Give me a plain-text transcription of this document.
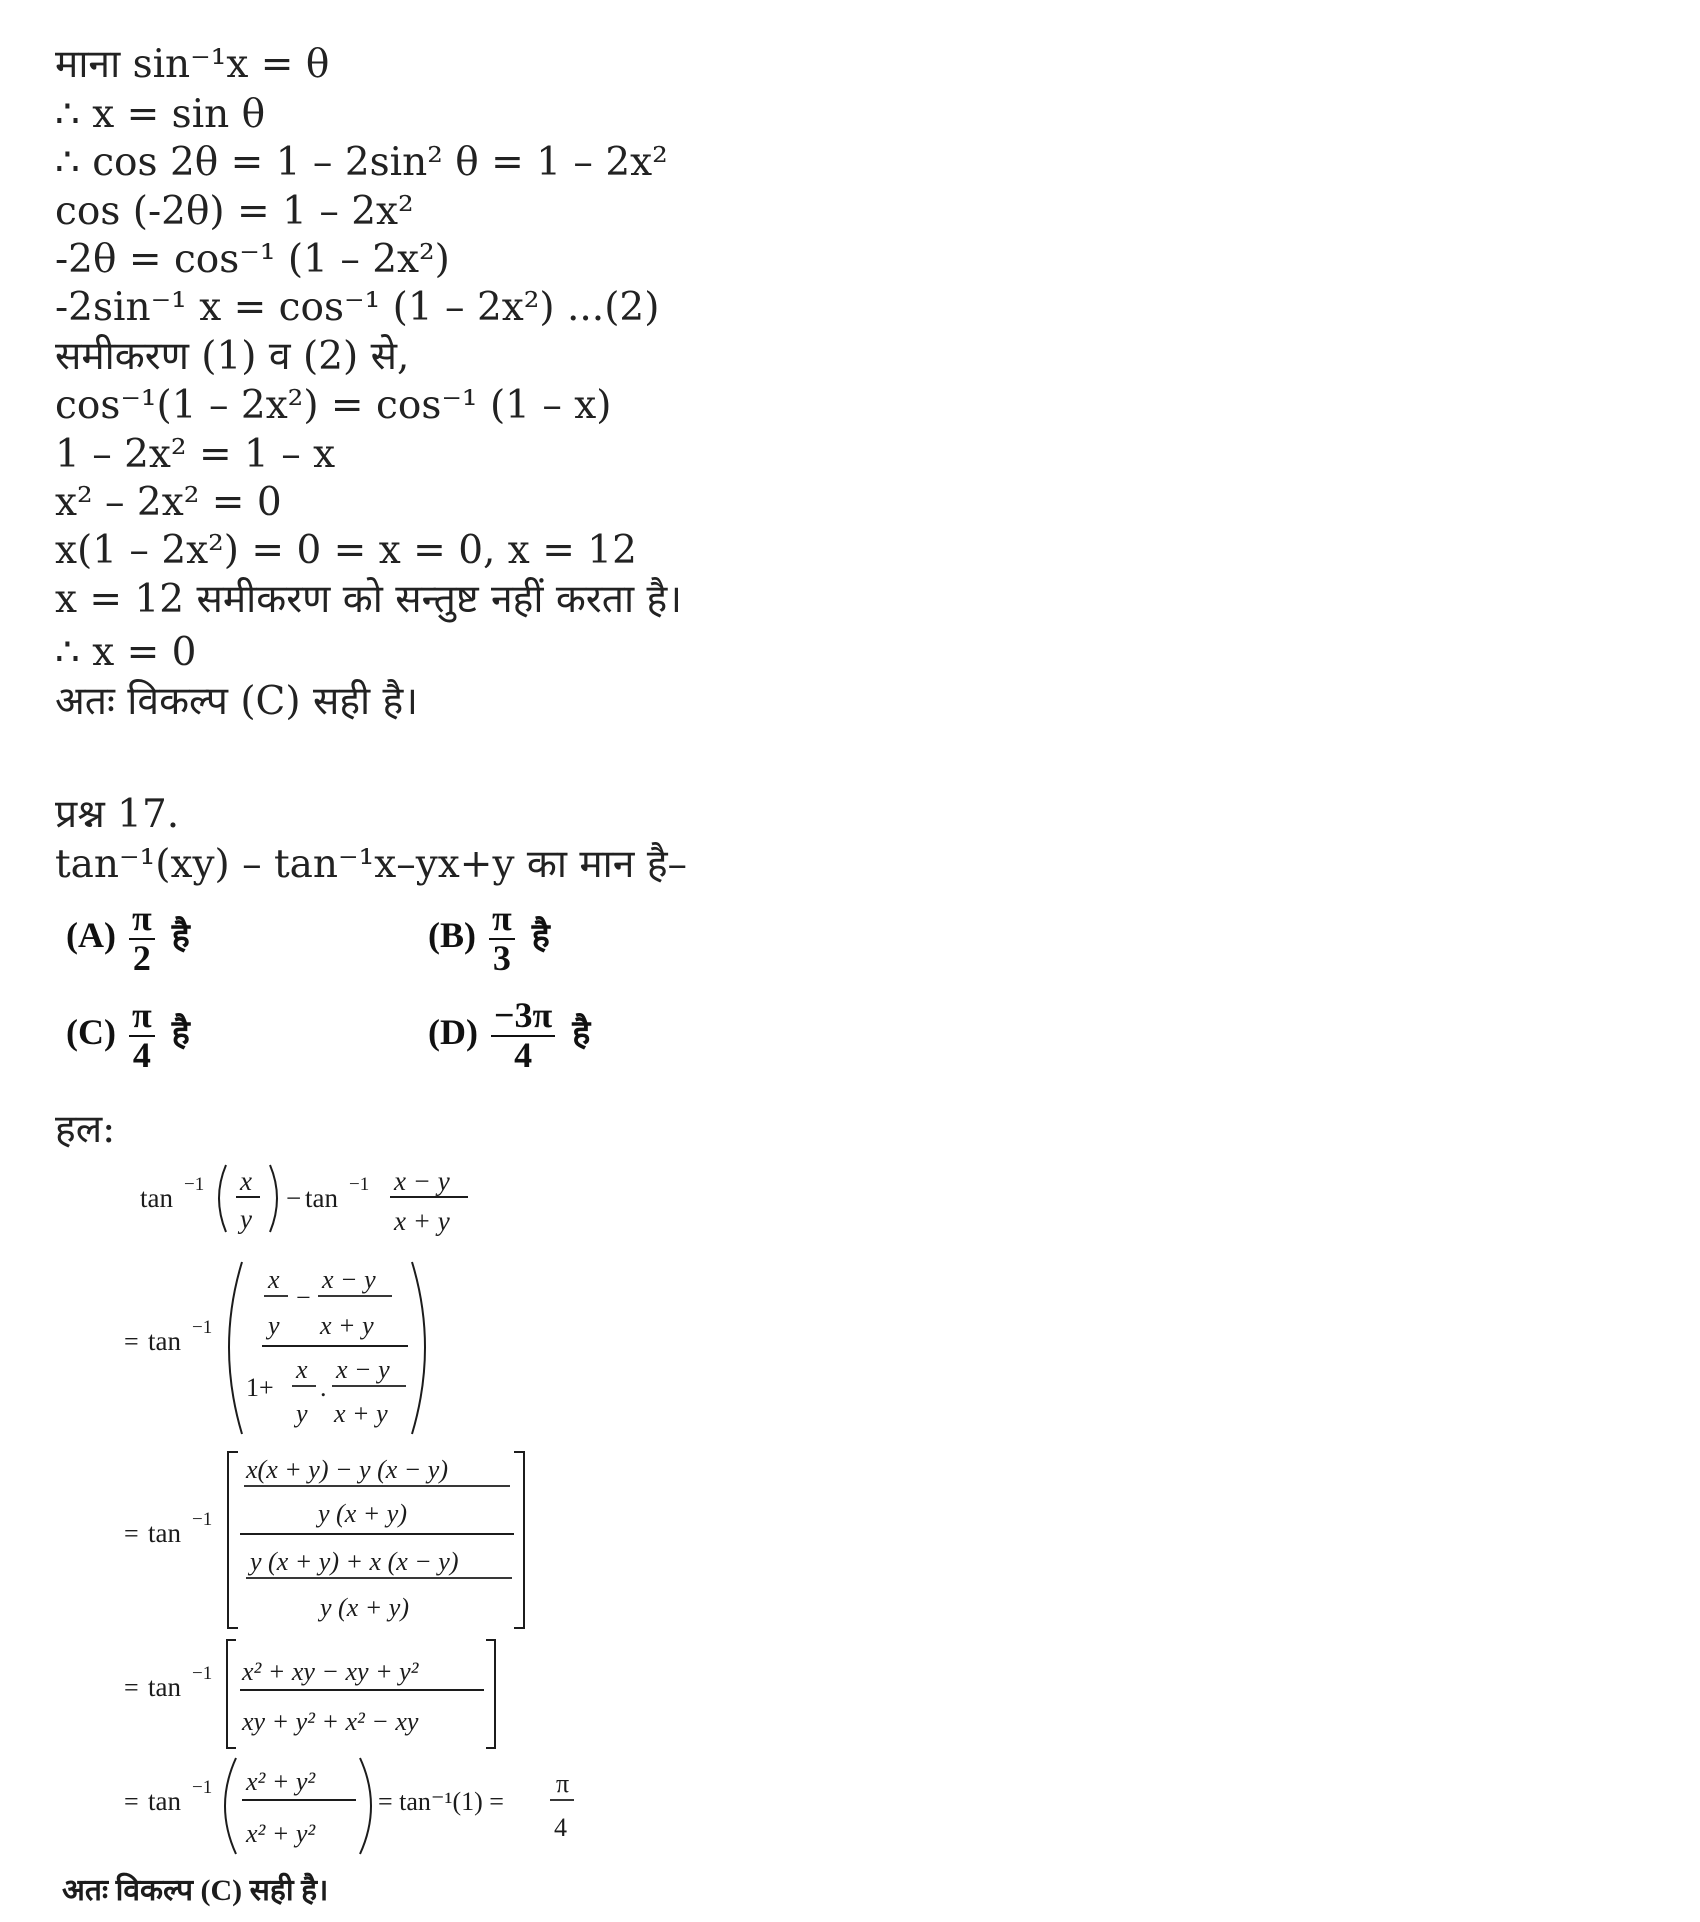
माना sin⁻¹x = θ
∴ x = sin θ
∴ cos 2θ = 1 – 2sin² θ = 1 – 2x²
cos (-2θ) = 1 – 2x²
-2θ = cos⁻¹ (1 – 2x²)
-2sin⁻¹ x = cos⁻¹ (1 – 2x²) ...(2)
समीकरण (1) व (2) से,
cos⁻¹(1 – 2x²) = cos⁻¹ (1 – x)
1 – 2x² = 1 – x
x² – 2x² = 0
x(1 – 2x²) = 0 = x = 0, x = 12
x = 12 समीकरण को सन्तुष्ट नहीं करता है।
∴ x = 0
अतः विकल्प (C) सही है।
प्रश्न 17.
tan⁻¹(xy) – tan⁻¹x–yx+y का मान है–
$(A) \frac{\pi}{2}$ है	$(B) \frac{\pi}{3}$ है
$(C) \frac{\pi}{4}$ है	$(D) \frac{-3\pi}{4}$ है
हल:
tan −1 x
y
− tan −1 x − y
x + y
= tan −1
x
y
−
x − y
x + y
1+
x
y
.
x − y
x + y
= tan −1
x(x + y) − y (x − y)
y (x + y)
y (x + y) + x (x − y)
y (x + y)
= tan −1 x² + xy − xy + y²
xy + y² + x² − xy
= tan −1 x² + y²
x² + y²
= tan⁻¹(1) =
π
4
अतः विकल्प (C) सही है।
